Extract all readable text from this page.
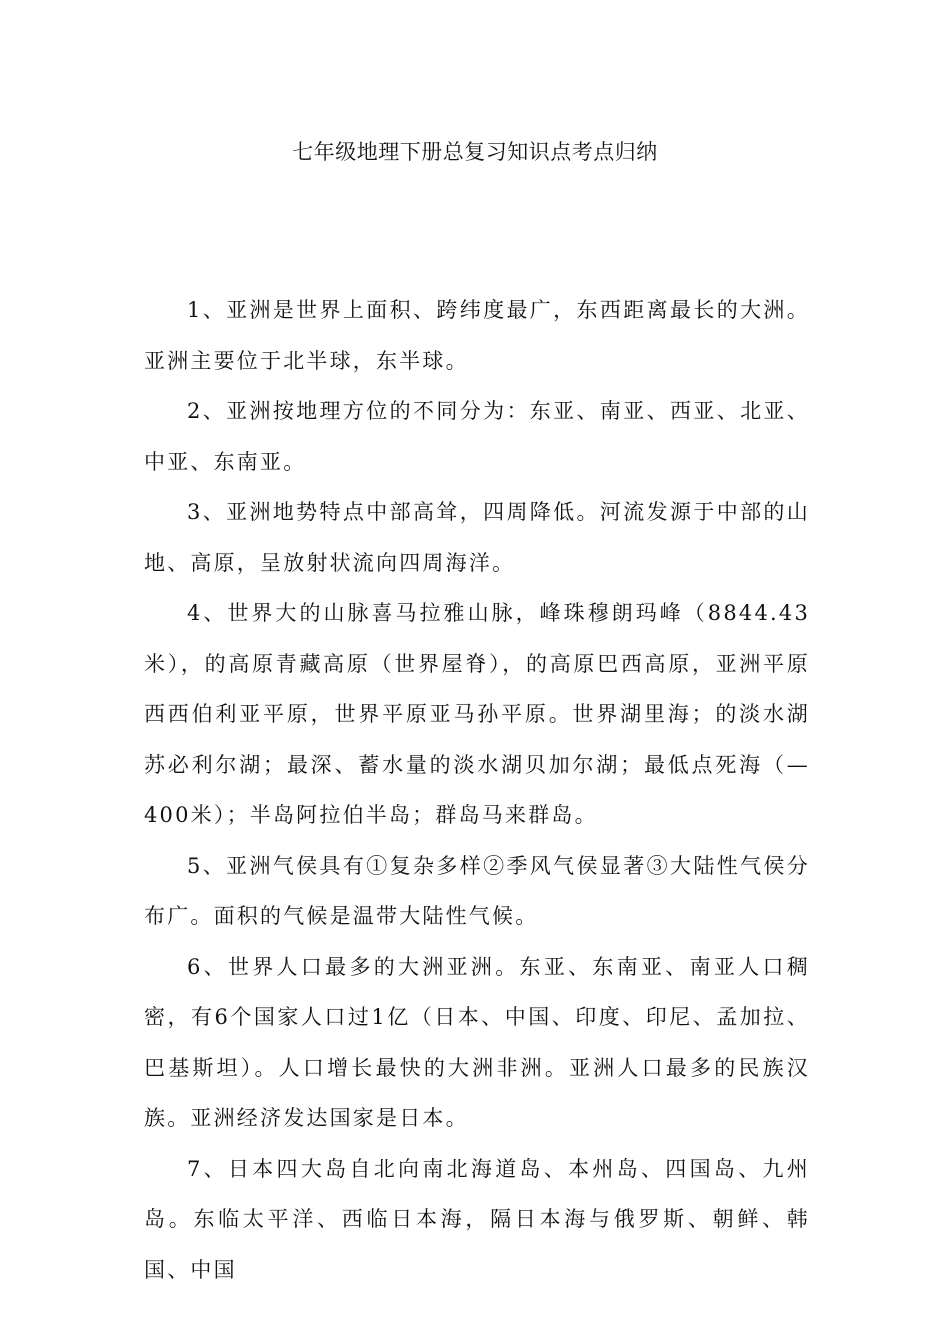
七年级地理下册总复习知识点考点归纳

1、亚洲是世界上面积、跨纬度最广，东西距离最长的大洲。亚洲主要位于北半球，东半球。

2、亚洲按地理方位的不同分为：东亚、南亚、西亚、北亚、中亚、东南亚。

3、亚洲地势特点中部高耸，四周降低。河流发源于中部的山地、高原，呈放射状流向四周海洋。

4、世界大的山脉喜马拉雅山脉，峰珠穆朗玛峰（8844.43米），的高原青藏高原（世界屋脊），的高原巴西高原，亚洲平原西西伯利亚平原，世界平原亚马孙平原。世界湖里海；的淡水湖苏必利尔湖；最深、蓄水量的淡水湖贝加尔湖；最低点死海（—400米）；半岛阿拉伯半岛；群岛马来群岛。

5、亚洲气侯具有①复杂多样②季风气侯显著③大陆性气侯分布广。面积的气候是温带大陆性气候。

6、世界人口最多的大洲亚洲。东亚、东南亚、南亚人口稠密，有6个国家人口过1亿（日本、中国、印度、印尼、孟加拉、巴基斯坦）。人口增长最快的大洲非洲。亚洲人口最多的民族汉族。亚洲经济发达国家是日本。

7、日本四大岛自北向南北海道岛、本州岛、四国岛、九州岛。东临太平洋、西临日本海，隔日本海与俄罗斯、朝鲜、韩国、中国
